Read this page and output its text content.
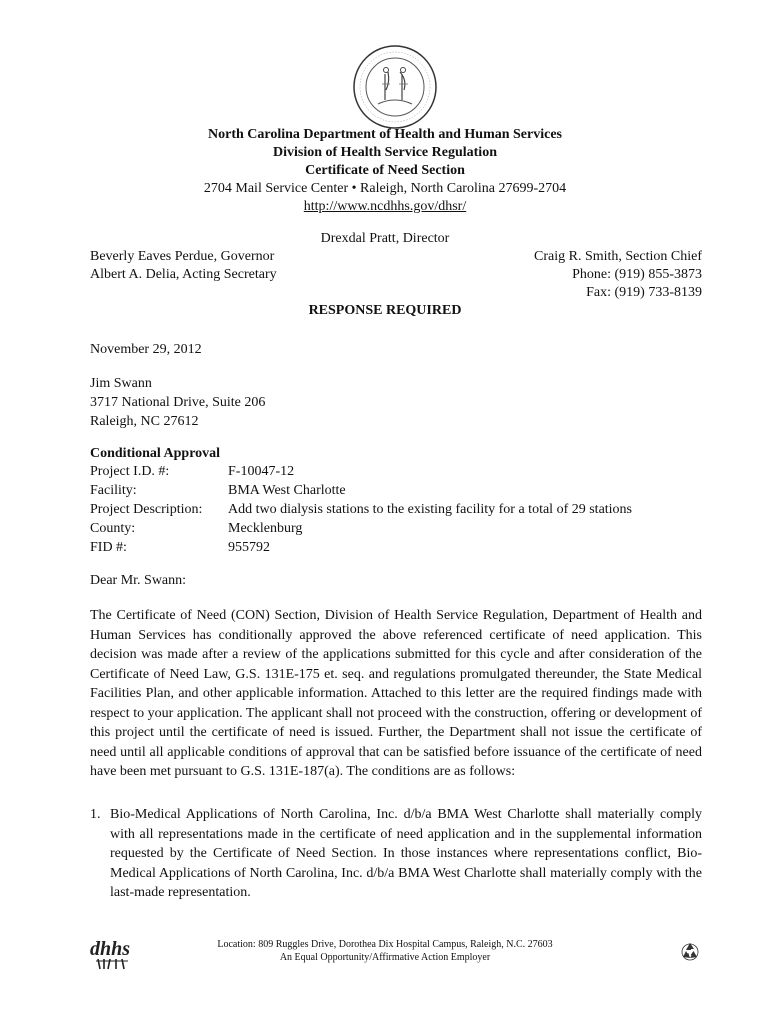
North Carolina Department of Health and Human Services
Division of Health Service Regulation
Certificate of Need Section
2704 Mail Service Center • Raleigh, North Carolina 27699-2704
http://www.ncdhhs.gov/dhsr/
Drexdal Pratt, Director
Beverly Eaves Perdue, Governor
Albert A. Delia, Acting Secretary
Craig R. Smith, Section Chief
Phone: (919) 855-3873
Fax: (919) 733-8139
RESPONSE REQUIRED
November 29, 2012
Jim Swann
3717 National Drive, Suite 206
Raleigh, NC 27612
Conditional Approval
Project I.D. #:	F-10047-12
Facility:	BMA West Charlotte
Project Description:	Add two dialysis stations to the existing facility for a total of 29 stations
County:	Mecklenburg
FID #:	955792
Dear Mr. Swann:
The Certificate of Need (CON) Section, Division of Health Service Regulation, Department of Health and Human Services has conditionally approved the above referenced certificate of need application. This decision was made after a review of the applications submitted for this cycle and after consideration of the Certificate of Need Law, G.S. 131E-175 et. seq. and regulations promulgated thereunder, the State Medical Facilities Plan, and other applicable information. Attached to this letter are the required findings made with respect to your application. The applicant shall not proceed with the construction, offering or development of this project until the certificate of need is issued. Further, the Department shall not issue the certificate of need until all applicable conditions of approval that can be satisfied before issuance of the certificate of need have been met pursuant to G.S. 131E-187(a). The conditions are as follows:
1. Bio-Medical Applications of North Carolina, Inc. d/b/a BMA West Charlotte shall materially comply with all representations made in the certificate of need application and in the supplemental information requested by the Certificate of Need Section. In those instances where representations conflict, Bio-Medical Applications of North Carolina, Inc. d/b/a BMA West Charlotte shall materially comply with the last-made representation.
dhhs	Location: 809 Ruggles Drive, Dorothea Dix Hospital Campus, Raleigh, N.C. 27603
An Equal Opportunity/Affirmative Action Employer
